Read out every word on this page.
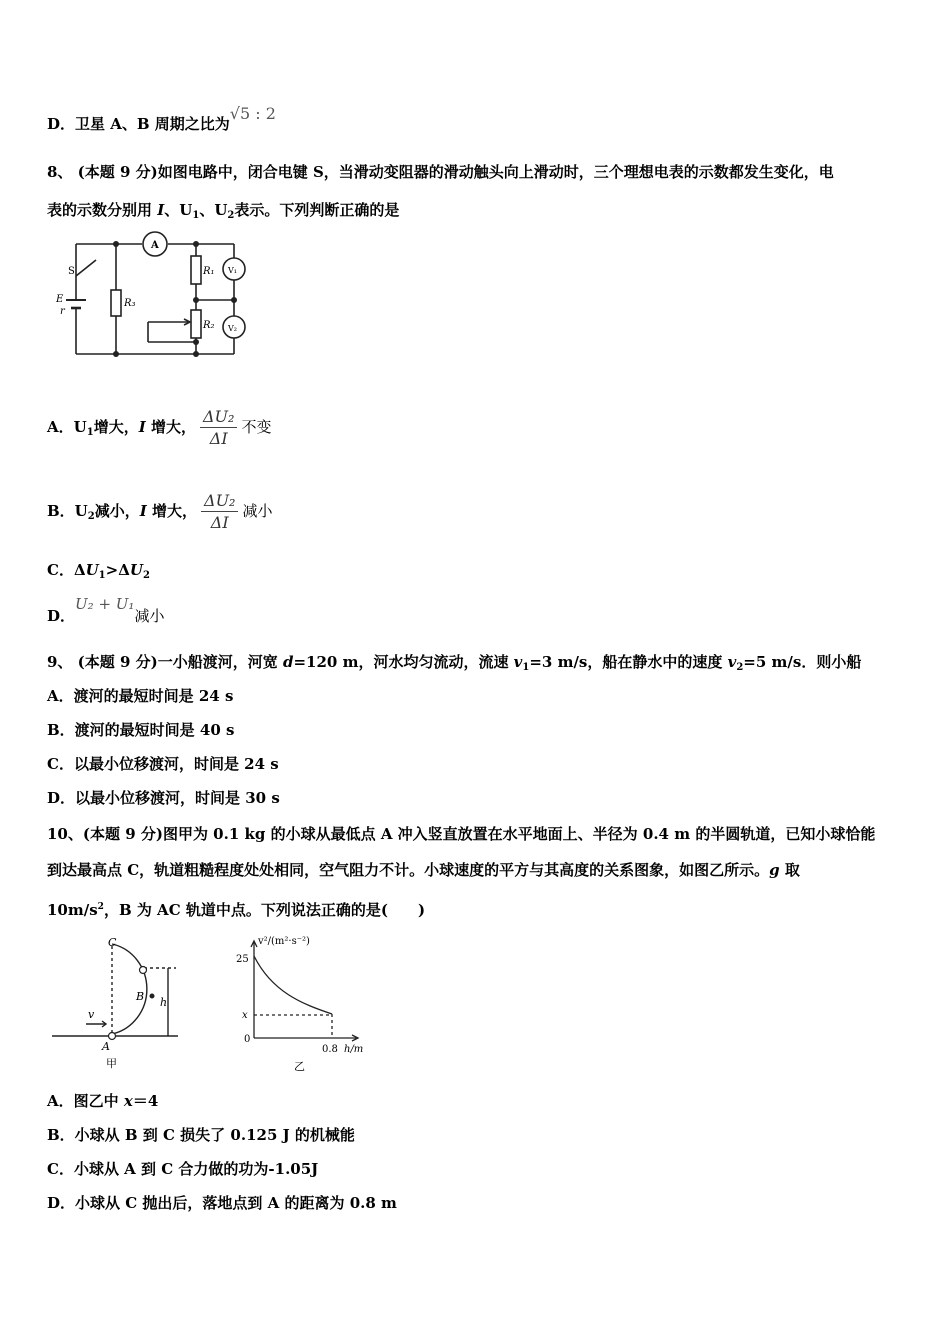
D．卫星 A、B 周期之比为√5 : 2
8、 (本题 9 分)如图电路中，闭合电键 S，当滑动变阻器的滑动触头向上滑动时，三个理想电表的示数都发生变化，电
表的示数分别用 I、$U_1$、$U_2$表示。下列判断正确的是
A
V₁
V₂
R₁
R₂
R₃
S
E
r
A．$U_1$增大，I 增大， $\frac{\text{ΔU₂}}{\Delta I}$ 不变
B．$U_2$减小，I 增大， $\frac{\text{ΔU₂}}{\Delta I}$ 减小
C．$\Delta U_1>\Delta U_2$
D．U₂ + U₁减小
9、 (本题 9 分)一小船渡河，河宽 d=120 m，河水均匀流动，流速 $v_1=3$ m/s，船在静水中的速度 $v_2=5$ m/s．则小船
A．渡河的最短时间是 24 s
B．渡河的最短时间是 40 s
C．以最小位移渡河，时间是 24 s
D．以最小位移渡河，时间是 30 s
10、(本题 9 分)图甲为 0.1 kg 的小球从最低点 A 冲入竖直放置在水平地面上、半径为 0.4 m 的半圆轨道，已知小球恰能
到达最高点 C，轨道粗糙程度处处相同，空气阻力不计。小球速度的平方与其高度的关系图象，如图乙所示。g 取
$10m/s^2$，B 为 AC 轨道中点。下列说法正确的是(　　)
C
B
A
v
h
甲
v²/(m²·s⁻²)
25
x
0
0.8 h/m
乙
A．图乙中 x＝4
B．小球从 B 到 C 损失了 0.125 J 的机械能
C．小球从 A 到 C 合力做的功为-1.05J
D．小球从 C 抛出后，落地点到 A 的距离为 0.8 m
